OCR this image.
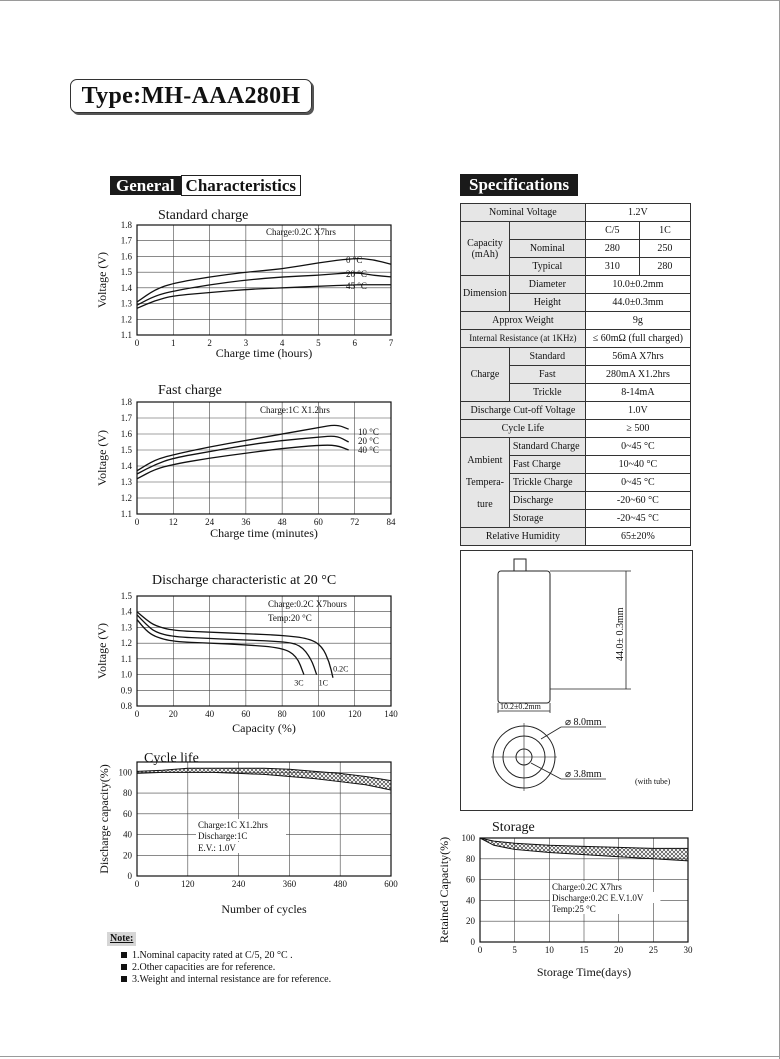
Type:MH-AAA280H
General Characteristics	Specifications
Standard charge
0	1	2	3	4	5	6	7
1.1
1.2
1.3
1.4
1.5
1.6
1.7
1.8
Charge time (hours)
Voltage (V)
Charge:0.2C X7hrs
0 °C
20 °C
45 °C
Fast charge
0	12	24	36	48	60	72	84
1.1
1.2
1.3
1.4
1.5
1.6
1.7
1.8
Charge time (minutes)
Voltage (V)
Charge:1C X1.2hrs
10 °C
20 °C
40 °C
Discharge characteristic at 20 °C
0	20	40	60	80	100	120	140
0.8
0.9
1.0
1.1
1.2
1.3
1.4
1.5
Capacity (%)
Voltage (V)
Charge:0.2C X7hours
Temp:20 °C
0.2C
1C
3C
Cycle life
0	120	240	360	480	600
0
20
40
60
80
100
Number of cycles
Discharge capacity(%)	Charge:1C X1.2hrs
Discharge:1C
E.V.: 1.0V
Storage
0	5	10	15	20	25	30
0
20
40
60
80
100
Storage Time(days)
Retained Capacity(%)	Charge:0.2C X7hrs
Discharge:0.2C E.V.1.0V
Temp:25 °C
Nominal Voltage		1.2V	
Capacity
(mAh)		C/5	1C
	Nominal	280	250
	Typical	310	280
Dimension	Diameter	10.0±0.2mm	
	Height	44.0±0.3mm	
Approx Weight		9g	
Internal Resistance (at 1KHz)		≤ 60mΩ (full charged)	
Charge	Standard	56mA X7hrs	
	Fast	280mA X1.2hrs	
	Trickle	8-14mA	
Discharge Cut-off Voltage		1.0V	
Cycle Life		≥ 500	
Ambient

Tempera-

ture	Standard Charge	0~45 °C	
	Fast Charge	10~40 °C	
	Trickle Charge	0~45 °C	
	Discharge	-20~60 °C	
	Storage	-20~45 °C	
Relative Humidity		65±20%	
44.0± 0.3mm
10.2±0.2mm
⌀ 8.0mm
⌀ 3.8mm
(with tube)
Note:
1.Nominal capacity rated at C/5, 20 °C .
2.Other capacities are for reference.
3.Weight and internal resistance are for reference.
